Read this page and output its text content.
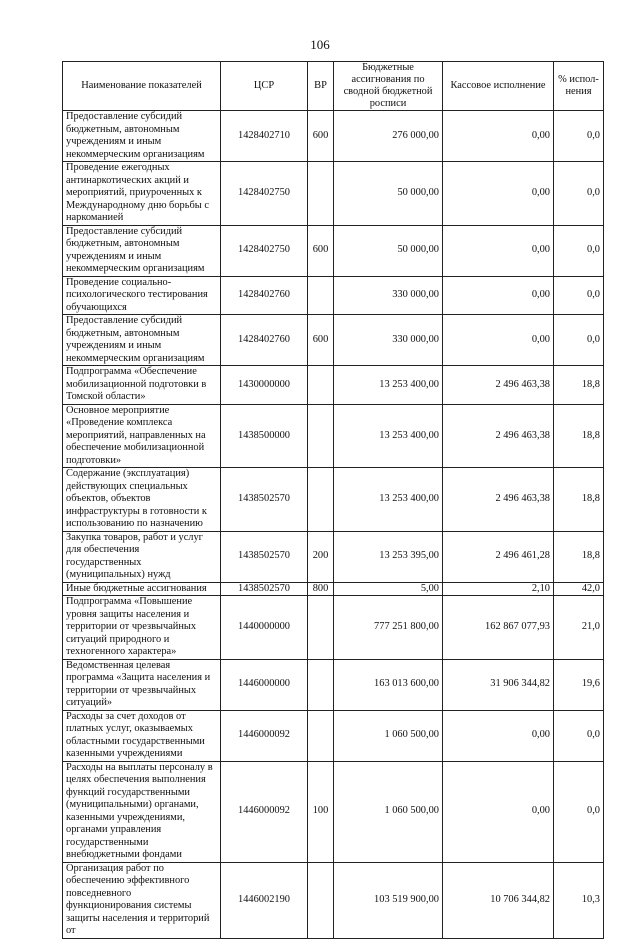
106
Наименование показателей	ЦСР	ВР	Бюджетные ассигнования по сводной бюджетной росписи	Кассовое исполнение	% испол-нения
Предоставление субсидий бюджетным, автономным учреждениям и иным некоммерческим организациям	1428402710	600	276 000,00	0,00	0,0
Проведение ежегодных антинаркотических акций и мероприятий, приуроченных к Международному дню борьбы с наркоманией	1428402750		50 000,00	0,00	0,0
Предоставление субсидий бюджетным, автономным учреждениям и иным некоммерческим организациям	1428402750	600	50 000,00	0,00	0,0
Проведение социально-психологического тестирования обучающихся	1428402760		330 000,00	0,00	0,0
Предоставление субсидий бюджетным, автономным учреждениям и иным некоммерческим организациям	1428402760	600	330 000,00	0,00	0,0
Подпрограмма «Обеспечение мобилизационной подготовки в Томской области»	1430000000		13 253 400,00	2 496 463,38	18,8
Основное мероприятие «Проведение комплекса мероприятий, направленных на обеспечение мобилизационной подготовки»	1438500000		13 253 400,00	2 496 463,38	18,8
Содержание (эксплуатация) действующих специальных объектов, объектов инфраструктуры в готовности к использованию по назначению	1438502570		13 253 400,00	2 496 463,38	18,8
Закупка товаров, работ и услуг для обеспечения государственных (муниципальных) нужд	1438502570	200	13 253 395,00	2 496 461,28	18,8
Иные бюджетные ассигнования	1438502570	800	5,00	2,10	42,0
Подпрограмма «Повышение уровня защиты населения и территории от чрезвычайных ситуаций природного и техногенного характера»	1440000000		777 251 800,00	162 867 077,93	21,0
Ведомственная целевая программа «Защита населения и территории от чрезвычайных ситуаций»	1446000000		163 013 600,00	31 906 344,82	19,6
Расходы за счет доходов от платных услуг, оказываемых областными государственными казенными учреждениями	1446000092		1 060 500,00	0,00	0,0
Расходы на выплаты персоналу в целях обеспечения выполнения функций государственными (муниципальными) органами, казенными учреждениями, органами управления государственными внебюджетными фондами	1446000092	100	1 060 500,00	0,00	0,0
Организация работ по обеспечению эффективного повседневного функционирования системы защиты населения и территорий от	1446002190		103 519 900,00	10 706 344,82	10,3
